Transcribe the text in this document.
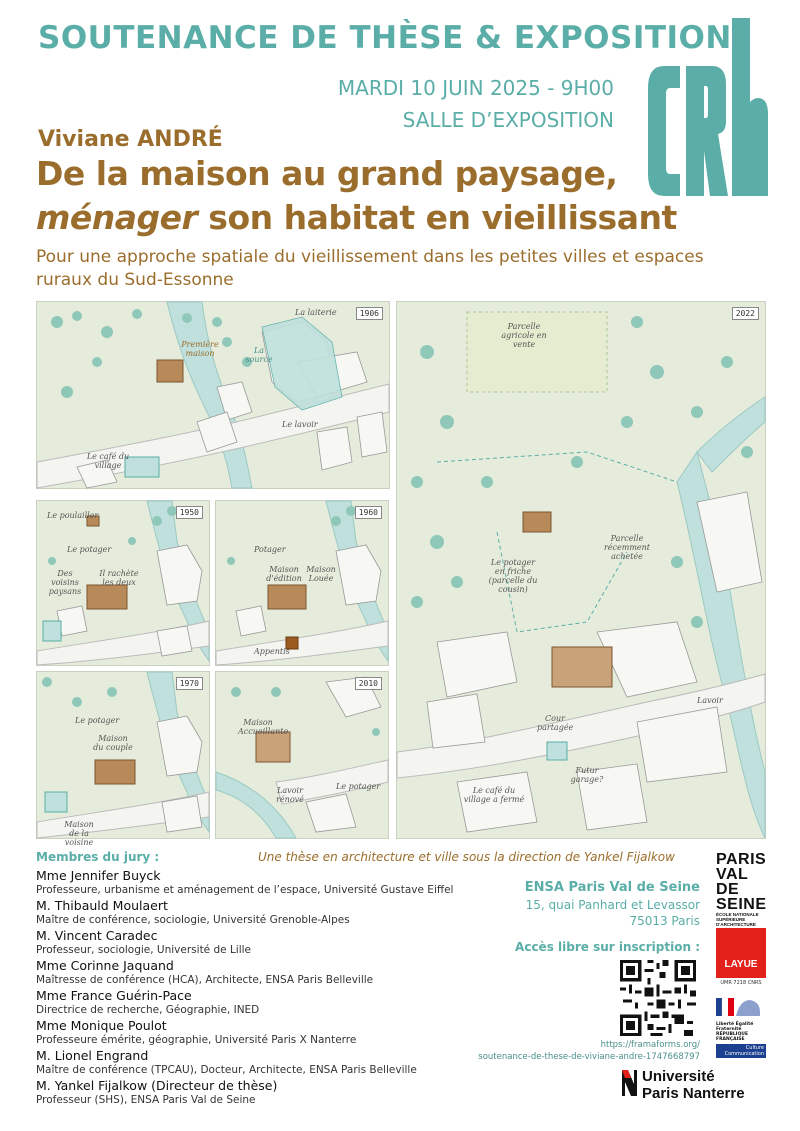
SOUTENANCE DE THÈSE & EXPOSITION
MARDI 10 JUIN 2025 - 9H00
SALLE D’EXPOSITION
Viviane ANDRÉ
De la maison au grand paysage,
ménager son habitat en vieillissant
Pour une approche spatiale du vieillissement dans les petites villes et espaces ruraux du Sud-Essonne
1906
La laiterie
Première maison	La source
Le lavoir
Le café du village
1950
Le poulailler
Le potager
Des voisins paysans
Il rachète les deux
1960
Potager
Maison d'édition
Maison Louée
Appentis
1970
Le potager
Maison du couple
Maison de la voisine
2010
Maison Accueillante
Le potager
Lavoir rénové
2022
Parcelle agricole en vente
Le potager en friche (parcelle du cousin)
Parcelle récemment achetée
Cour partagée
Futur garage?
Le café du village a fermé
Lavoir
Membres du jury :	Une thèse en architecture et ville sous la direction de Yankel Fijalkow
Mme Jennifer Buyck
Professeure, urbanisme et aménagement de l’espace, Université Gustave Eiffel
M. Thibauld Moulaert
Maître de conférence, sociologie, Université Grenoble-Alpes
M. Vincent Caradec
Professeur, sociologie, Université de Lille
Mme Corinne Jaquand
Maîtresse de conférence (HCA), Architecte, ENSA Paris Belleville
Mme France Guérin-Pace
Directrice de recherche, Géographie, INED
Mme Monique Poulot
Professeure émérite, géographie, Université Paris X Nanterre
M. Lionel Engrand
Maître de conférence (TPCAU), Docteur, Architecte, ENSA Paris Belleville
M. Yankel Fijalkow (Directeur de thèse)
Professeur (SHS), ENSA Paris Val de Seine
ENSA Paris Val de Seine
15, quai Panhard et Levassor
75013 Paris
Accès libre sur inscription :
https://framaforms.org/
soutenance-de-these-de-viviane-andre-1747668797
PARIS
VAL DE
SEINE
ÉCOLE NATIONALE SUPÉRIEURE D'ARCHITECTURE
LAYUE
UMR 7218 CNRS
Liberté Égalité Fraternité RÉPUBLIQUE FRANÇAISE
Culture Communication
Université
Paris Nanterre
